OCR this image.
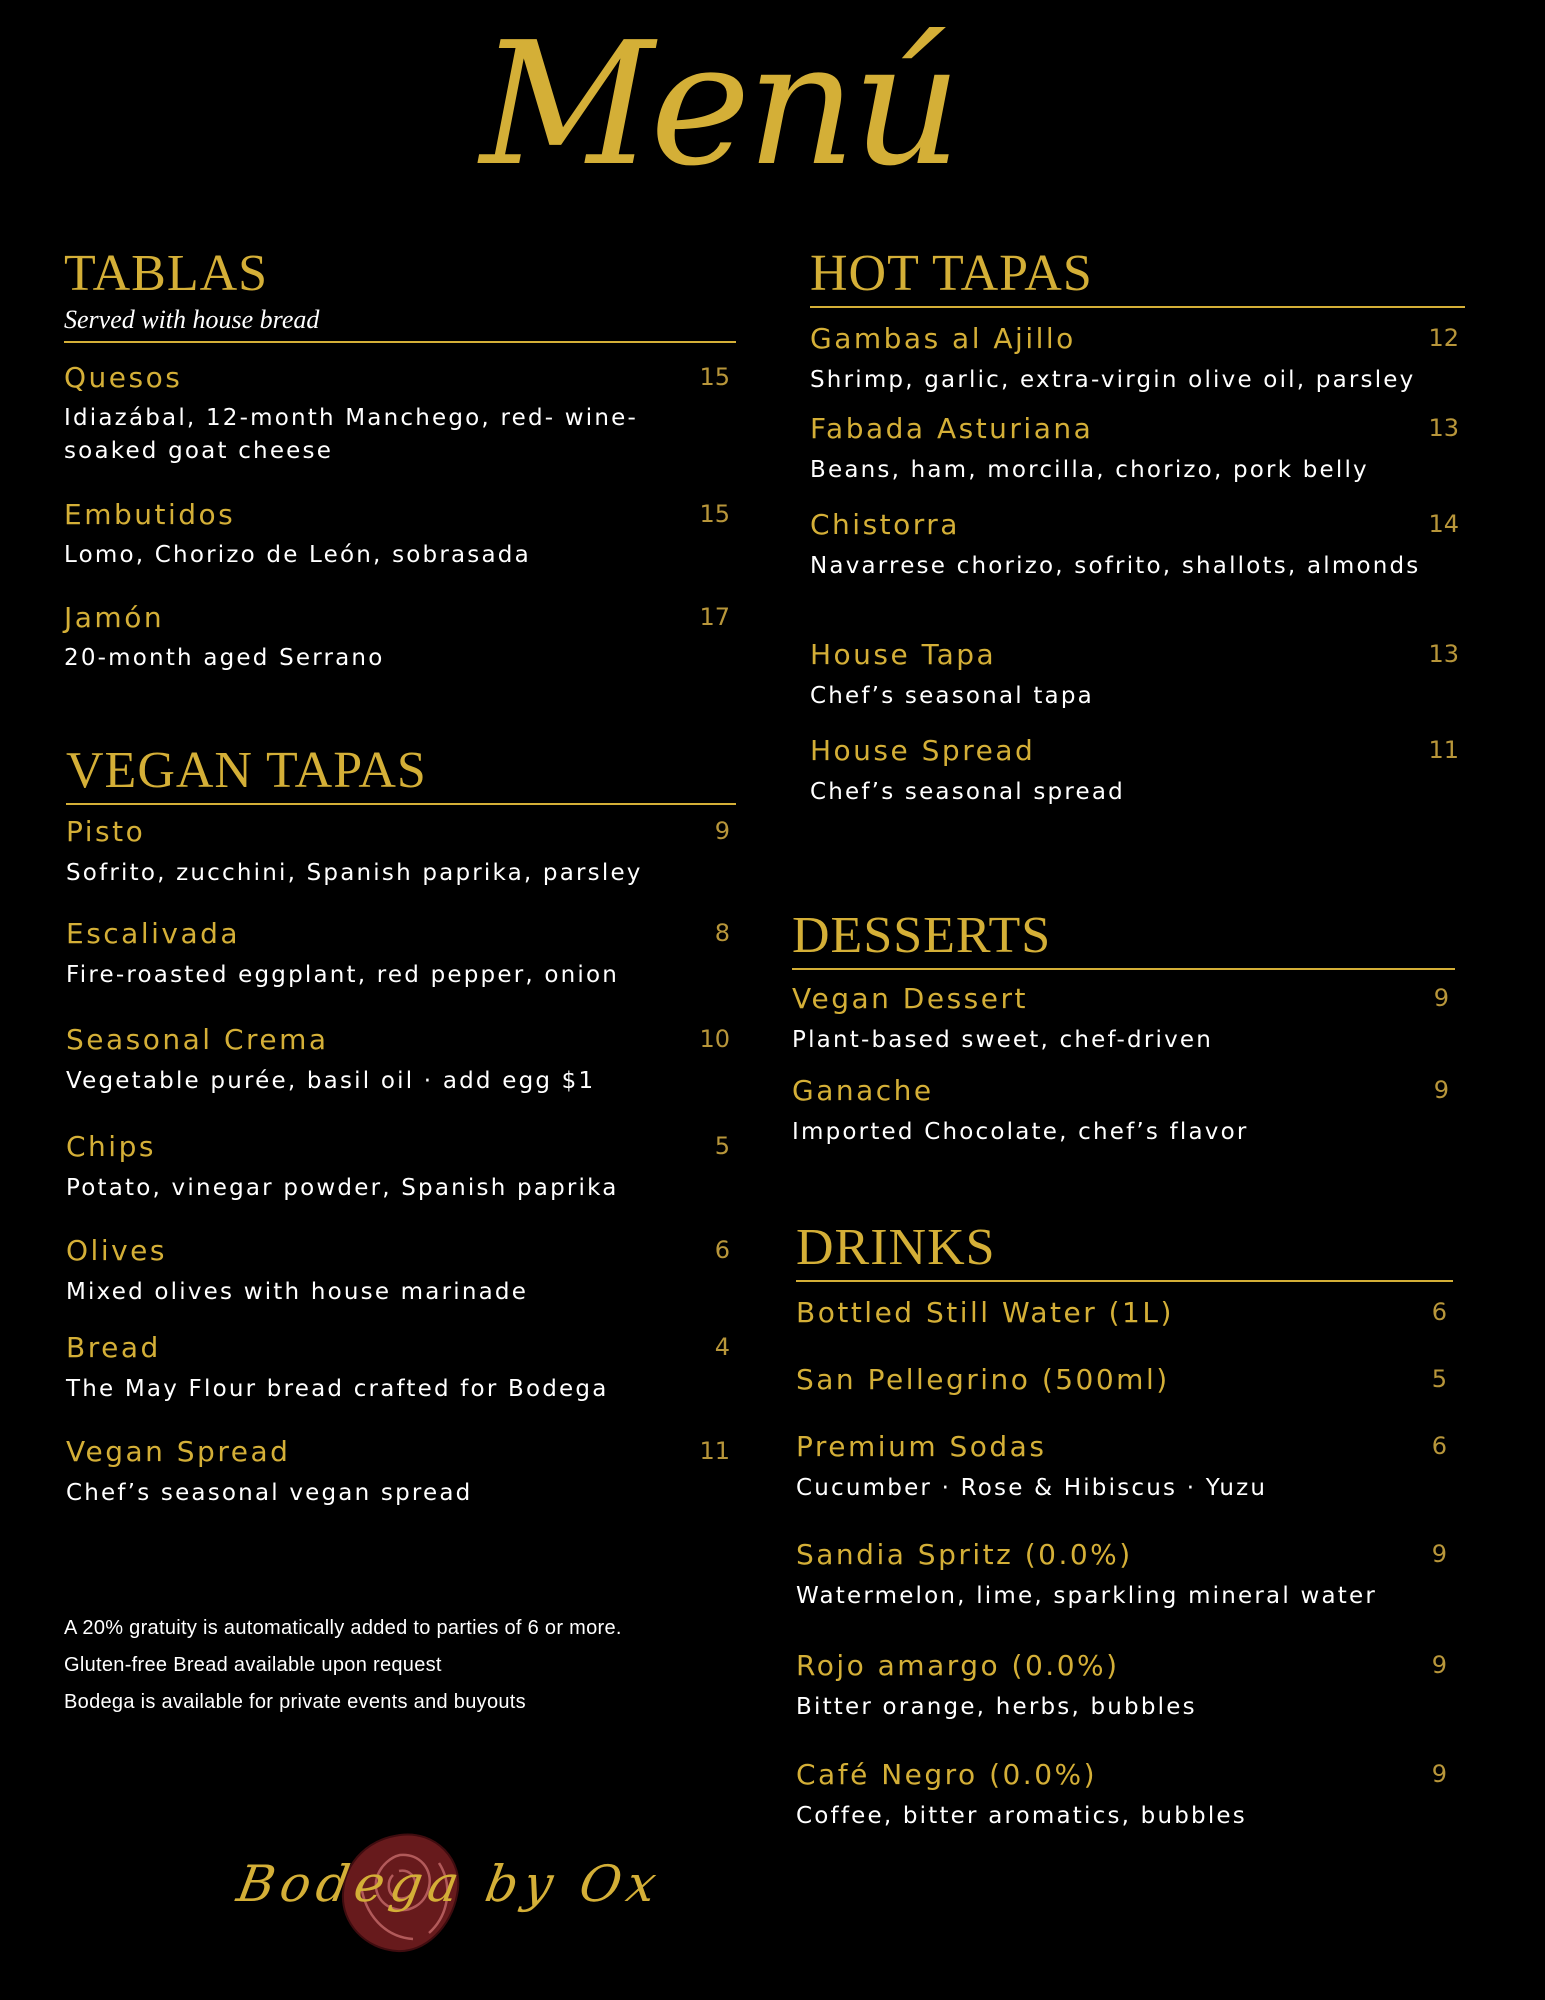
Menú
TABLAS

Served with house bread

Quesos	15
Idiazábal, 12-month Manchego, red- wine-soaked goat cheese
Embutidos	15
Lomo, Chorizo de León, sobrasada
Jamón	17
20-month aged Serrano
VEGAN TAPAS
Pisto	9
Sofrito, zucchini, Spanish paprika, parsley
Escalivada	8
Fire-roasted eggplant, red pepper, onion
Seasonal Crema	10
Vegetable purée, basil oil · add egg $1
Chips	5
Potato, vinegar powder, Spanish paprika
Olives	6
Mixed olives with house marinade
Bread	4
The May Flour bread crafted for Bodega
Vegan Spread	11
Chef’s seasonal vegan spread
HOT TAPAS
Gambas al Ajillo	12
Shrimp, garlic, extra-virgin olive oil, parsley
Fabada Asturiana	13
Beans, ham, morcilla, chorizo, pork belly
Chistorra	14
Navarrese chorizo, sofrito, shallots, almonds
House Tapa	13
Chef’s seasonal tapa
House Spread	11
Chef’s seasonal spread
DESSERTS
Vegan Dessert	9
Plant-based sweet, chef-driven
Ganache	9
Imported Chocolate, chef’s flavor
DRINKS
Bottled Still Water (1L)	6
San Pellegrino (500ml)	5
Premium Sodas	6
Cucumber · Rose & Hibiscus · Yuzu
Sandia Spritz (0.0%)	9
Watermelon, lime, sparkling mineral water
Rojo amargo (0.0%)	9
Bitter orange, herbs, bubbles
Café Negro (0.0%)	9
Coffee, bitter aromatics, bubbles
A 20% gratuity is automatically added to parties of 6 or more.
Gluten-free Bread available upon request
Bodega is available for private events and buyouts
Bodega by Ox
